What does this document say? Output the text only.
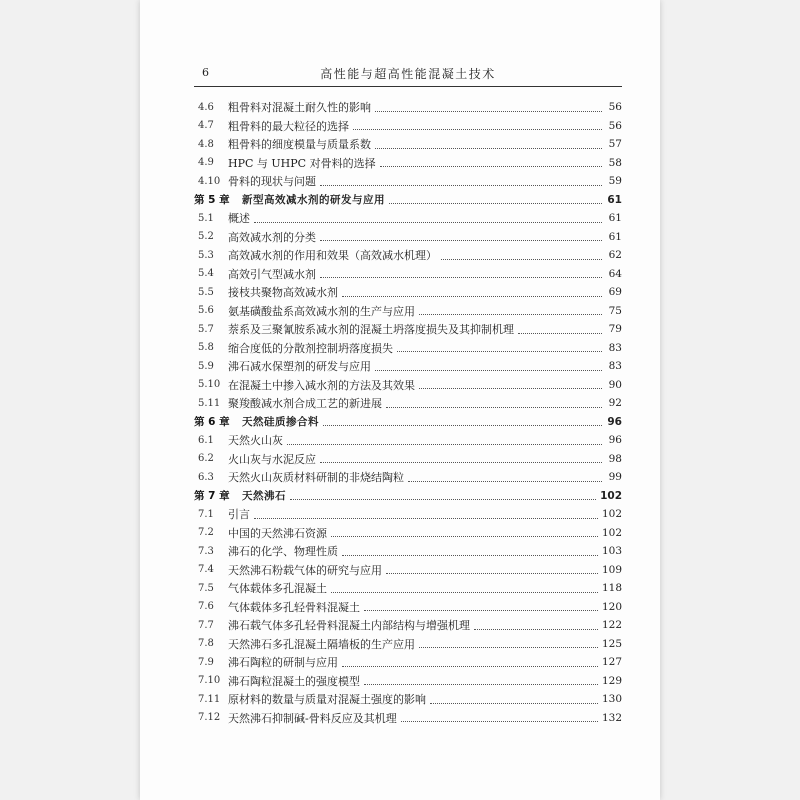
6	高性能与超高性能混凝土技术
4.6	粗骨料对混凝土耐久性的影响	56
4.7	粗骨料的最大粒径的选择	56
4.8	粗骨料的细度模量与质量系数	57
4.9	HPC 与 UHPC 对骨料的选择	58
4.10 骨料的现状与问题	59
第 5 章	新型高效减水剂的研发与应用	61
5.1	概述	61
5.2	高效减水剂的分类	61
5.3	高效减水剂的作用和效果（高效减水机理）	62
5.4	高效引气型减水剂	64
5.5	接枝共聚物高效减水剂	69
5.6	氨基磺酸盐系高效减水剂的生产与应用	75
5.7	萘系及三聚氰胺系减水剂的混凝土坍落度损失及其抑制机理	79
5.8	缩合度低的分散剂控制坍落度损失	83
5.9	沸石减水保塑剂的研发与应用	83
5.10 在混凝土中掺入减水剂的方法及其效果	90
5.11 聚羧酸减水剂合成工艺的新进展	92
第 6 章	天然硅质掺合料	96
6.1	天然火山灰	96
6.2	火山灰与水泥反应	98
6.3	天然火山灰质材料研制的非烧结陶粒	99
第 7 章	天然沸石	102
7.1	引言	102
7.2	中国的天然沸石资源	102
7.3	沸石的化学、物理性质	103
7.4	天然沸石粉载气体的研究与应用	109
7.5	气体载体多孔混凝土	118
7.6	气体载体多孔轻骨料混凝土	120
7.7	沸石载气体多孔轻骨料混凝土内部结构与增强机理	122
7.8	天然沸石多孔混凝土隔墙板的生产应用	125
7.9	沸石陶粒的研制与应用	127
7.10 沸石陶粒混凝土的强度模型	129
7.11 原材料的数量与质量对混凝土强度的影响	130
7.12 天然沸石抑制碱-骨料反应及其机理	132
